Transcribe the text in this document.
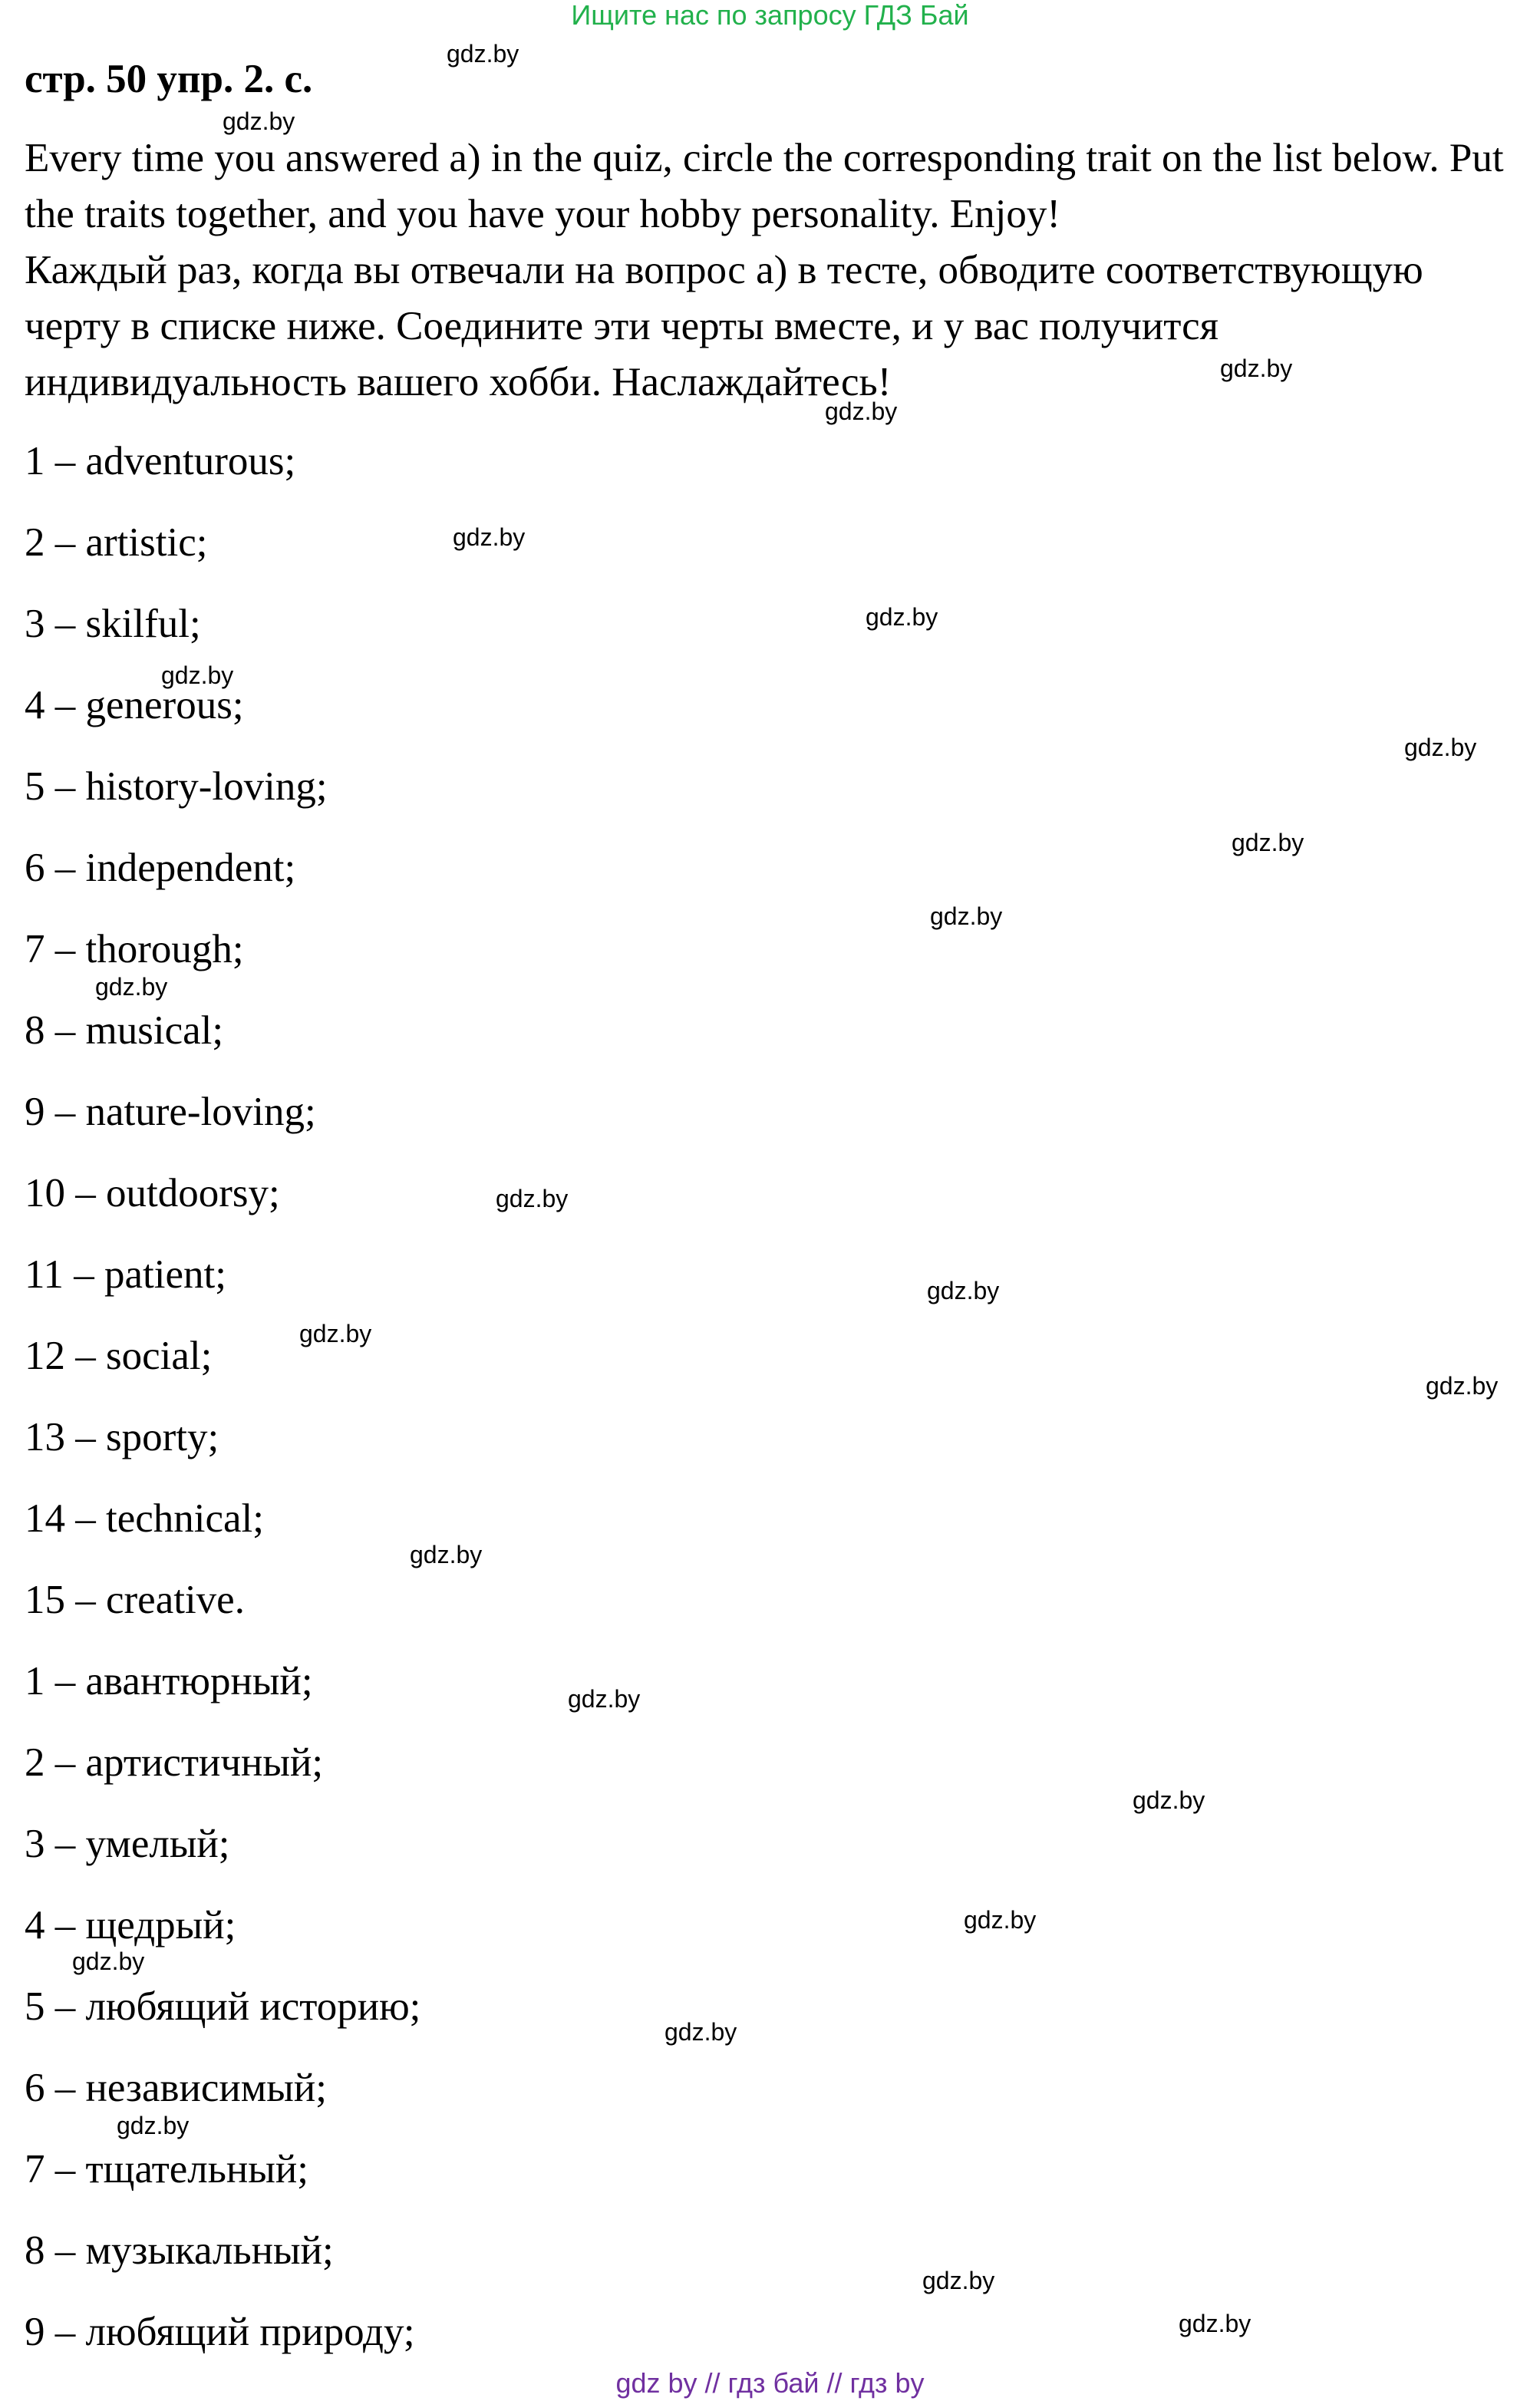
Ищите нас по запросу ГДЗ Бай
стр. 50 упр. 2. с.

Every time you answered a) in the quiz, circle the corresponding trait on the list below. Put the traits together, and you have your hobby personality. Enjoy!

Каждый раз, когда вы отвечали на вопрос а) в тесте, обводите соответствующую черту в списке ниже. Соедините эти черты вместе, и у вас получится индивидуальность вашего хобби. Наслаждайтесь!

1 – adventurous;
2 – artistic;
3 – skilful;
4 – generous;
5 – history-loving;
6 – independent;
7 – thorough;
8 – musical;
9 – nature-loving;
10 – outdoorsy;
11 – patient;
12 – social;
13 – sporty;
14 – technical;
15 – creative.
1 – авантюрный;
2 – артистичный;
3 – умелый;
4 – щедрый;
5 – любящий историю;
6 – независимый;
7 – тщательный;
8 – музыкальный;
9 – любящий природу;
gdz.by
gdz.by
gdz.by
gdz.by
gdz.by
gdz.by
gdz.by
gdz.by
gdz.by
gdz.by
gdz.by
gdz.by
gdz.by
gdz.by
gdz.by
gdz.by
gdz.by
gdz.by
gdz.by
gdz.by
gdz.by
gdz.by
gdz.by
gdz.by
gdz by // гдз бай // гдз by
